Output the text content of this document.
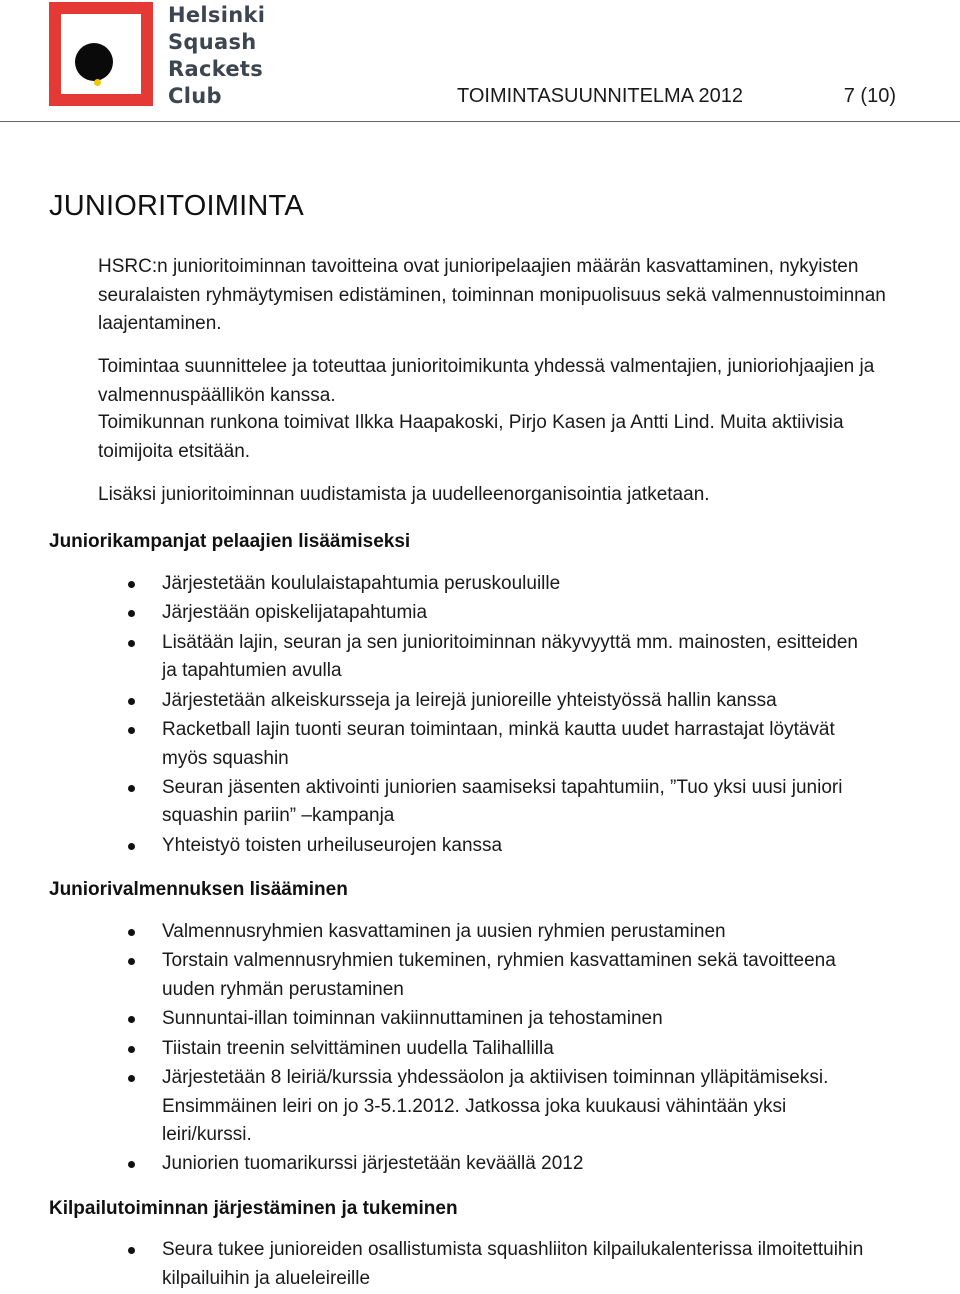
Helsinki
Squash
Rackets
Club	TOIMINTASUUNNITELMA 2012	7 (10)
JUNIORITOIMINTA

HSRC:n junioritoiminnan tavoitteina ovat junioripelaajien määrän kasvattaminen, nykyisten seuralaisten ryhmäytymisen edistäminen, toiminnan monipuolisuus sekä valmennustoiminnan laajentaminen.

Toimintaa suunnittelee ja toteuttaa junioritoimikunta yhdessä valmentajien, junioriohjaajien ja valmennuspäällikön kanssa.

Toimikunnan runkona toimivat Ilkka Haapakoski, Pirjo Kasen ja Antti Lind. Muita aktiivisia toimijoita etsitään.

Lisäksi junioritoiminnan uudistamista ja uudelleenorganisointia jatketaan.

Juniorikampanjat pelaajien lisäämiseksi
Järjestetään koululaistapahtumia peruskouluille
Järjestään opiskelijatapahtumia
Lisätään lajin, seuran ja sen junioritoiminnan näkyvyyttä mm. mainosten, esitteiden ja tapahtumien avulla
Järjestetään alkeiskursseja ja leirejä junioreille yhteistyössä hallin kanssa
Racketball lajin tuonti seuran toimintaan, minkä kautta uudet harrastajat löytävät myös squashin
Seuran jäsenten aktivointi juniorien saamiseksi tapahtumiin, ”Tuo yksi uusi juniori squashin pariin” –kampanja
Yhteistyö toisten urheiluseurojen kanssa
Juniorivalmennuksen lisääminen
Valmennusryhmien kasvattaminen ja uusien ryhmien perustaminen
Torstain valmennusryhmien tukeminen, ryhmien kasvattaminen sekä tavoitteena uuden ryhmän perustaminen
Sunnuntai-illan toiminnan vakiinnuttaminen ja tehostaminen
Tiistain treenin selvittäminen uudella Talihallilla
Järjestetään 8 leiriä/kurssia yhdessäolon ja aktiivisen toiminnan ylläpitämiseksi. Ensimmäinen leiri on jo 3-5.1.2012. Jatkossa joka kuukausi vähintään yksi leiri/kurssi.
Juniorien tuomarikurssi järjestetään keväällä 2012
Kilpailutoiminnan järjestäminen ja tukeminen
Seura tukee junioreiden osallistumista squashliiton kilpailukalenterissa ilmoitettuihin kilpailuihin ja alueleireille
